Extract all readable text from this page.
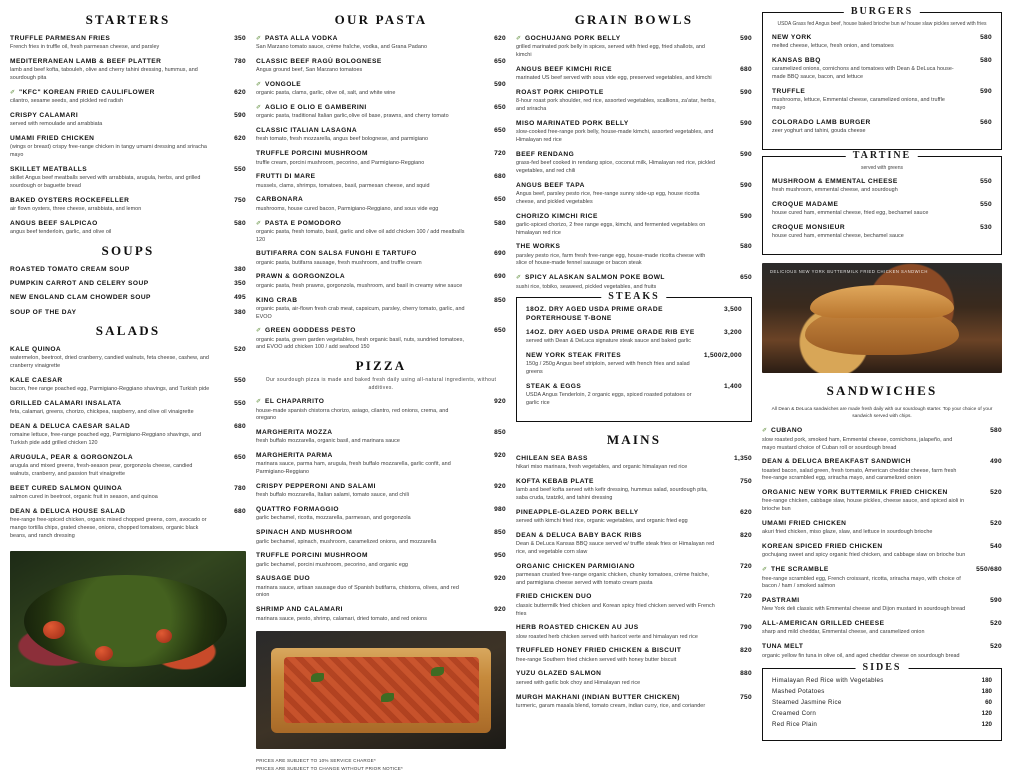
STARTERS
TRUFFLE PARMESAN FRIES
French fries in truffle oil, fresh parmesan cheese, and parsley
350
MEDITERRANEAN LAMB & BEEF PLATTER
lamb and beef kofta, tabouleh, olive and cherry tahini dressing, hummus, and sourdough pita
780
✐ "KFC" KOREAN FRIED CAULIFLOWER
cilantro, sesame seeds, and pickled red radish
620
CRISPY CALAMARI
served with remoulade and arrabbiata
590
UMAMI FRIED CHICKEN
(wings or breast) crispy free-range chicken in tangy umami dressing and sriracha mayo
620
SKILLET MEATBALLS
skillet Angus beef meatballs served with arrabbiata, arugula, herbs, and grilled sourdough or baguette bread
550
BAKED OYSTERS ROCKEFELLER
air flown oysters, three cheese, arrabbiata, and lemon
750
ANGUS BEEF SALPICAO
angus beef tenderloin, garlic, and olive oil
580
SOUPS
ROASTED TOMATO CREAM SOUP	380
PUMPKIN CARROT AND CELERY SOUP	350
NEW ENGLAND CLAM CHOWDER SOUP	495
SOUP OF THE DAY	380
SALADS
KALE QUINOA
watermelon, beetroot, dried cranberry, candied walnuts, feta cheese, cashew, and cranberry vinaigrette
520
KALE CAESAR
bacon, free range poached egg, Parmigiano-Reggiano shavings, and Turkish pide
550
GRILLED CALAMARI INSALATA
feta, calamari, greens, chorizo, chickpea, raspberry, and olive oil vinaigrette
550
DEAN & DELUCA CAESAR SALAD
romaine lettuce, free-range poached egg, Parmigiano-Reggiano shavings, and Turkish pide add grilled chicken 120
680
ARUGULA, PEAR & GORGONZOLA
arugula and mixed greens, fresh-season pear, gorgonzola cheese, candied walnuts, cranberry, and passion fruit vinaigrette
650
BEET CURED SALMON QUINOA
salmon cured in beetroot, organic fruit in season, and quinoa
780
DEAN & DELUCA HOUSE SALAD
free-range free-spiced chicken, organic mixed chopped greens, corn, avocado or mango tortilla chips, grated cheese, onions, chopped tomatoes, organic black beans, and ranch dressing
680
OUR PASTA
✐ PASTA ALLA VODKA
San Marzano tomato sauce, crème fraîche, vodka, and Grana Padano
620
CLASSIC BEEF RAGÙ BOLOGNESE
Angus ground beef, San Marzano tomatoes
650
✐ VONGOLE
organic pasta, clams, garlic, olive oil, salt, and white wine
590
✐ AGLIO E OLIO E GAMBERINI
organic pasta, traditional Italian garlic,olive oil base, prawns, and cherry tomato
650
CLASSIC ITALIAN LASAGNA
fresh tomato, fresh mozzarella, angus beef bolognese, and parmigiano
650
TRUFFLE PORCINI MUSHROOM
truffle cream, porcini mushroom, pecorino, and Parmigiano-Reggiano
720
FRUTTI DI MARE
mussels, clams, shrimps, tomatoes, basil, parmesan cheese, and squid
680
CARBONARA
mushrooms, house cured bacon, Parmigiano-Reggiano, and sous vide egg
650
✐ PASTA E POMODORO
organic pasta, fresh tomato, basil, garlic and olive oil add chicken 100 / add meatballs 120
580
BUTIFARRA CON SALSA FUNGHI E TARTUFO
organic pasta, butifarra sausage, fresh mushroom, and truffle cream
690
PRAWN & GORGONZOLA
organic pasta, fresh prawns, gorgonzola, mushroom, and basil in creamy wine sauce
690
KING CRAB
organic pasta, air-flown fresh crab meat, capsicum, parsley, cherry tomato, garlic, and EVOO
850
✐ GREEN GODDESS PESTO
organic pasta, green garden vegetables, fresh organic basil, nuts, sundried tomatoes, and EVOO add chicken 100 / add seafood 150
650
PIZZA
Our sourdough pizza is made and baked fresh daily using all-natural ingredients, without additives.
✐ EL CHAPARRITO
house-made spanish chistorra chorizo, asiago, cilantro, red onions, crema, and oregano
920
MARGHERITA MOZZA
fresh buffalo mozzarella, organic basil, and marinara sauce
850
MARGHERITA PARMA
marinara sauce, parma ham, arugula, fresh buffalo mozzarella, garlic confit, and Parmigiano-Reggiano
920
CRISPY PEPPERONI AND SALAMI
fresh buffalo mozzarella, Italian salami, tomato sauce, and chili
920
QUATTRO FORMAGGIO
garlic bechamel, ricotta, mozzarella, parmesan, and gorgonzola
980
SPINACH AND MUSHROOM
garlic bechamel, spinach, mushroom, caramelized onions, and mozzarella
850
TRUFFLE PORCINI MUSHROOM
garlic bechamel, porcini mushroom, pecorino, and organic egg
950
SAUSAGE DUO
marinara sauce, artisan sausage duo of Spanish butifarra, chistorra, olives, and red onion
920
SHRIMP AND CALAMARI
marinara sauce, pesto, shrimp, calamari, dried tomato, and red onions
920
PRICES ARE SUBJECT TO 10% SERVICE CHARGE*
PRICES ARE SUBJECT TO CHANGE WITHOUT PRIOR NOTICE*
GRAIN BOWLS
✐ GOCHUJANG PORK BELLY
grilled marinated pork belly in spices, served with fried egg, fried shallots, and kimchi
590
ANGUS BEEF KIMCHI RICE
marinated US beef served with sous vide egg, preserved vegetables, and kimchi
680
ROAST PORK CHIPOTLE
8-hour roast pork shoulder, red rice, assorted vegetables, scallions, za'atar, herbs, and sriracha
590
MISO MARINATED PORK BELLY
slow-cooked free-range pork belly, house-made kimchi, assorted vegetables, and Himalayan red rice
590
BEEF RENDANG
grass-fed beef cooked in rendang spice, coconut milk, Himalayan red rice, pickled vegetables, and red chili
590
ANGUS BEEF TAPA
Angus beef, parsley pesto rice, free-range sunny side-up egg, house ricotta cheese, and pickled vegetables
590
CHORIZO KIMCHI RICE
garlic-spiced chorizo, 2 free range eggs, kimchi, and fermented vegetables on himalayan red rice
590
THE WORKS
parsley pesto rice, farm fresh free-range egg, house-made ricotta cheese with slice of house-made fennel sausage or bacon steak
580
✐ SPICY ALASKAN SALMON POKE BOWL
sushi rice, tobiko, seaweed, pickled vegetables, and fruits
650
STEAKS
18OZ. DRY AGED USDA PRIME GRADE PORTERHOUSE T-BONE
3,500
14OZ. DRY AGED USDA PRIME GRADE RIB EYE
served with Dean & DeLuca signature steak sauce and baked garlic
3,200
NEW YORK STEAK FRITES
150g / 250g Angus beef striploin, served with french fries and salad greens
1,500/2,000
STEAK & EGGS
USDA Angus Tenderloin, 2 organic eggs, spiced roasted potatoes or garlic rice
1,400
MAINS
CHILEAN SEA BASS
hikari miso marinara, fresh vegetables, and organic himalayan red rice
1,350
KOFTA KEBAB PLATE
lamb and beef kofta served with kefir dressing, hummus salad, sourdough pita, saba cruda, tzatziki, and tahini dressing
750
PINEAPPLE-GLAZED PORK BELLY
served with kimchi fried rice, organic vegetables, and organic fried egg
620
DEAN & DELUCA BABY BACK RIBS
Dean & DeLuca Kansas BBQ sauce served w/ truffle steak fries or Himalayan red rice, and vegetable corn slaw
820
ORGANIC CHICKEN PARMIGIANO
parmesan crusted free-range organic chicken, chunky tomatoes, crème fraiche, and parmigiana cheese served with tomato cream pasta
720
FRIED CHICKEN DUO
classic buttermilk fried chicken and Korean spicy fried chicken served with French fries
720
HERB ROASTED CHICKEN AU JUS
slow roasted herb chicken served with haricot verte and himalayan red rice
790
TRUFFLED HONEY FRIED CHICKEN & BISCUIT
free-range Southern fried chicken served with honey butter biscuit
820
YUZU GLAZED SALMON
served with garlic bok choy and Himalayan red rice
880
MURGH MAKHANI (INDIAN BUTTER CHICKEN)
turmeric, garam masala blend, tomato cream, indian curry, rice, and coriander
750
BURGERS
USDA Grass fed Angus beef, house baked brioche bun w/ house slaw pickles served with fries
NEW YORK
melted cheese, lettuce, fresh onion, and tomatoes
580
KANSAS BBQ
caramelized onions, cornichons and tomatoes with Dean & DeLuca house-made BBQ sauce, bacon, and lettuce
580
TRUFFLE
mushrooms, lettuce, Emmental cheese, caramelized onions, and truffle mayo
590
COLORADO LAMB BURGER
zeer yoghurt and tahini, gouda cheese
560
TARTINE
served with greens
MUSHROOM & EMMENTAL CHEESE
fresh mushroom, emmental cheese, and sourdough
550
CROQUE MADAME
house cured ham, emmental cheese, fried egg, bechamel sauce
550
CROQUE MONSIEUR
house cured ham, emmental cheese, bechamel sauce
530
DELICIOUS NEW YORK BUTTERMILK FRIED CHICKEN SANDWICH
SANDWICHES
All Dean & DeLuca sandwiches are made fresh daily with our sourdough starter. Top your choice of your sandwich served with chips.
✐ CUBANO
slow roasted pork, smoked ham, Emmental cheese, cornichons, jalapeño, and mayo mustard choice of Cuban roll or sourdough bread
580
DEAN & DELUCA BREAKFAST SANDWICH
toasted bacon, salad green, fresh tomato, American cheddar cheese, farm fresh free-range scrambled egg, sriracha mayo, and caramelized onion
490
ORGANIC NEW YORK BUTTERMILK FRIED CHICKEN
free-range chicken, cabbage slaw, house pickles, cheese sauce, and spiced aioli in brioche bun
520
UMAMI FRIED CHICKEN
akuri fried chicken, miso glaze, slaw, and lettuce in sourdough brioche
520
KOREAN SPICED FRIED CHICKEN
gochujang sweet and spicy organic fried chicken, and cabbage slaw on brioche bun
540
✐ THE SCRAMBLE
free-range scrambled egg, French croissant, ricotta, sriracha mayo, with choice of bacon / ham / smoked salmon
550/680
PASTRAMI
New York deli classic with Emmental cheese and Dijon mustard in sourdough bread
590
ALL-AMERICAN GRILLED CHEESE
sharp and mild cheddar, Emmental cheese, and caramelized onion
520
TUNA MELT
organic yellow fin tuna in olive oil, and aged cheddar cheese on sourdough bread
520
SIDES
Himalayan Red Rice with Vegetables	180
Mashed Potatoes	180
Steamed Jasmine Rice	60
Creamed Corn	120
Red Rice Plain	120
